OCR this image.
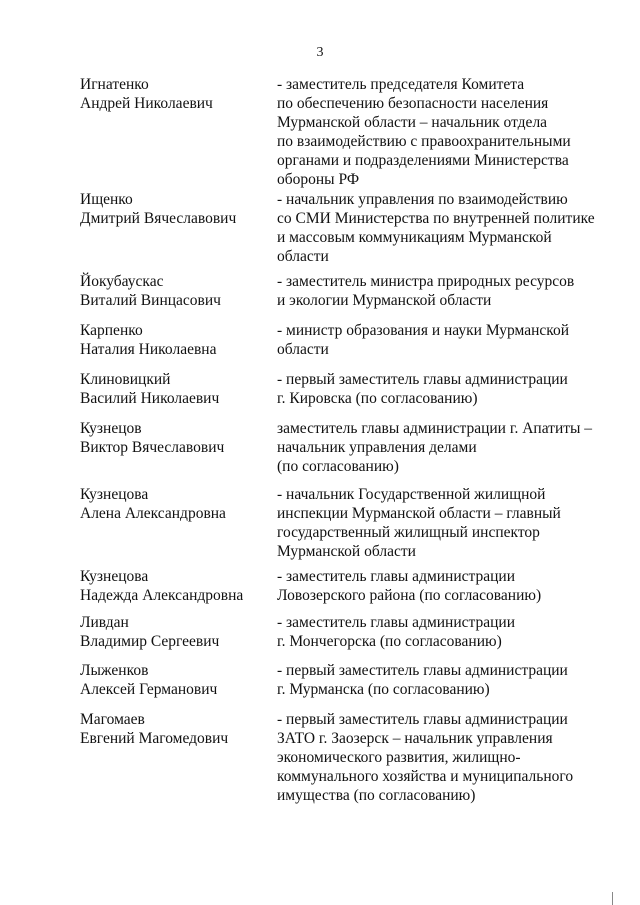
3
Игнатенко
Андрей Николаевич
- заместитель председателя Комитета
по обеспечению безопасности населения
Мурманской области – начальник отдела
по взаимодействию с правоохранительными
органами и подразделениями Министерства
обороны РФ
Ищенко
Дмитрий Вячеславович
- начальник управления по взаимодействию
со СМИ Министерства по внутренней политике
и массовым коммуникациям Мурманской
области
Йокубаускас
Виталий Винцасович
- заместитель министра природных ресурсов
и экологии Мурманской области
Карпенко
Наталия Николаевна
- министр образования и науки Мурманской
области
Клиновицкий
Василий Николаевич
- первый заместитель главы администрации
г. Кировска (по согласованию)
Кузнецов
Виктор Вячеславович
заместитель главы администрации г. Апатиты –
начальник управления делами
(по согласованию)
Кузнецова
Алена Александровна
- начальник Государственной жилищной
инспекции Мурманской области – главный
государственный жилищный инспектор
Мурманской области
Кузнецова
Надежда Александровна
- заместитель главы администрации
Ловозерского района (по согласованию)
Ливдан
Владимир Сергеевич
- заместитель главы администрации
г. Мончегорска (по согласованию)
Лыженков
Алексей Германович
- первый заместитель главы администрации
г. Мурманска (по согласованию)
Магомаев
Евгений Магомедович
- первый заместитель главы администрации
ЗАТО г. Заозерск – начальник управления
экономического развития, жилищно-
коммунального хозяйства и муниципального
имущества (по согласованию)
